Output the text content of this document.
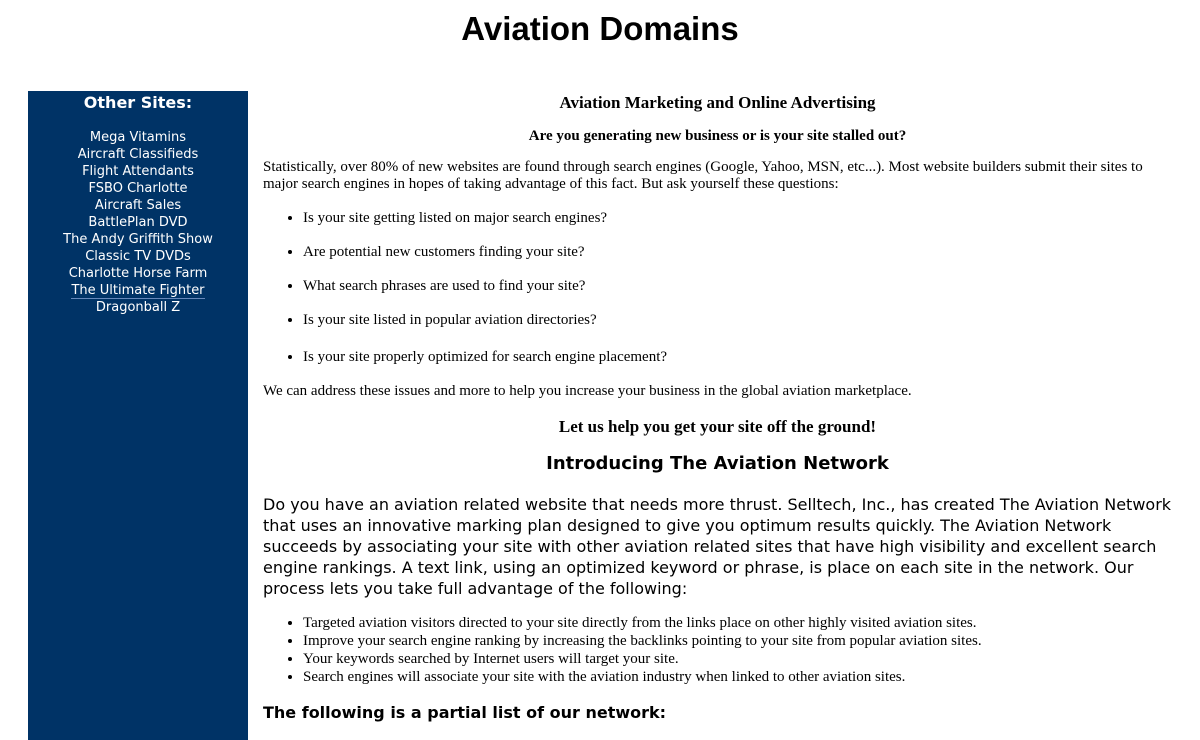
Aviation Domains
Other Sites:
Mega Vitamins
Aircraft Classifieds
Flight Attendants
FSBO Charlotte
Aircraft Sales
BattlePlan DVD
The Andy Griffith Show
Classic TV DVDs
Charlotte Horse Farm
The Ultimate Fighter
Dragonball Z
Aviation Marketing and Online Advertising
Are you generating new business or is your site stalled out?

Statistically, over 80% of new websites are found through search engines (Google, Yahoo, MSN, etc...). Most website builders submit their sites to major search engines in hopes of taking advantage of this fact. But ask yourself these questions:

• Is your site getting listed on major search engines?
• Are potential new customers finding your site?
• What search phrases are used to find your site?
• Is your site listed in popular aviation directories?
• Is your site properly optimized for search engine placement?

We can address these issues and more to help you increase your business in the global aviation marketplace.

Let us help you get your site off the ground!
Introducing The Aviation Network

Do you have an aviation related website that needs more thrust. Selltech, Inc., has created The Aviation Network that uses an innovative marking plan designed to give you optimum results quickly. The Aviation Network succeeds by associating your site with other aviation related sites that have high visibility and excellent search engine rankings. A text link, using an optimized keyword or phrase, is place on each site in the network. Our process lets you take full advantage of the following:

• Targeted aviation visitors directed to your site directly from the links place on other highly visited aviation sites.
• Improve your search engine ranking by increasing the backlinks pointing to your site from popular aviation sites.
• Your keywords searched by Internet users will target your site.
• Search engines will associate your site with the aviation industry when linked to other aviation sites.
The following is a partial list of our network:
